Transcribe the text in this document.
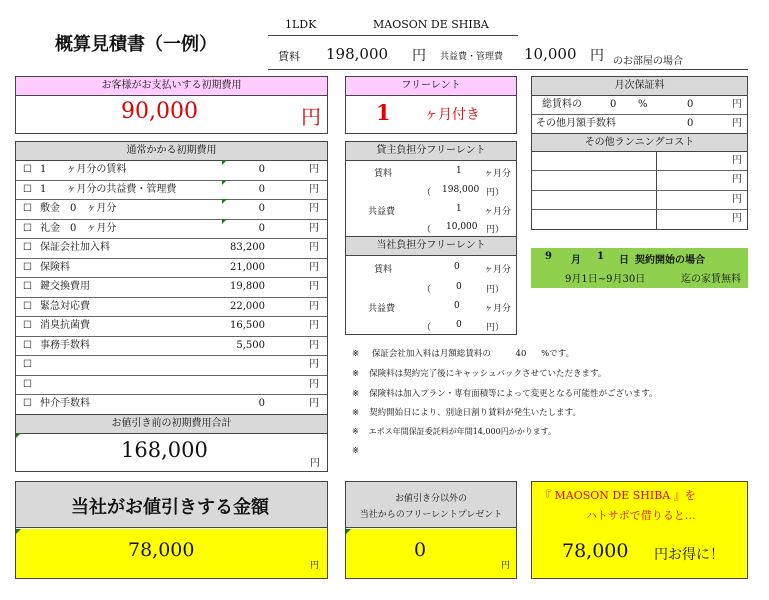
概算見積書（一例）
1LDK	MAOSON DE SHIBA
賃料 198,000 円 共益費・管理費 10,000 円 のお部屋の場合
お客様がお支払いする初期費用
90,000	円
フリーレント
1 ヶ月付き
月次保証料
総賃料の	0 %	0	円
その他月額手数料	0	円
その他ランニングコスト
円
円
円
円
通常かかる初期費用
☐ 1　　ヶ月分の賃料	0	円
☐ 1　　ヶ月分の共益費・管理費	0	円
☐ 敷金　0　ヶ月分	0	円
☐ 礼金　0　ヶ月分	0	円
☐ 保証会社加入料	83,200	円
☐ 保険料	21,000	円
☐ 鍵交換費用	19,800	円
☐ 緊急対応費	22,000	円
☐ 消臭抗菌費	16,500	円
☐ 事務手数料	5,500	円
☐	円
☐	円
☐ 仲介手数料	0	円
お値引き前の初期費用合計
168,000
円
貸主負担分フリーレント
賃料	1 ヶ月分
（ 198,000 円）
共益費	1 ヶ月分
（ 10,000 円）
当社負担分フリーレント
賃料	0	ヶ月分
（	0	円）
共益費	0	ヶ月分
（	0	円）
9 月 1 日 契約開始の場合
9月1日~9月30日	迄の家賃無料
※ 保証会社加入料は月額総賃料の	40 %です。
※ 保険料は契約完了後にキャッシュバックさせていただきます。
※ 保険料は加入プラン・専有面積等によって変更となる可能性がございます。
※ 契約開始日により、別途日割り賃料が発生いたします。
※ エポス年間保証委託料が年間14,000円かかります。
※
当社がお値引きする金額
78,000
円
お値引き分以外の
当社からのフリーレントプレゼント
0
円
『 MAOSON DE SHIBA 』を
ハトサポで借りると…
78,000 円お得に！
